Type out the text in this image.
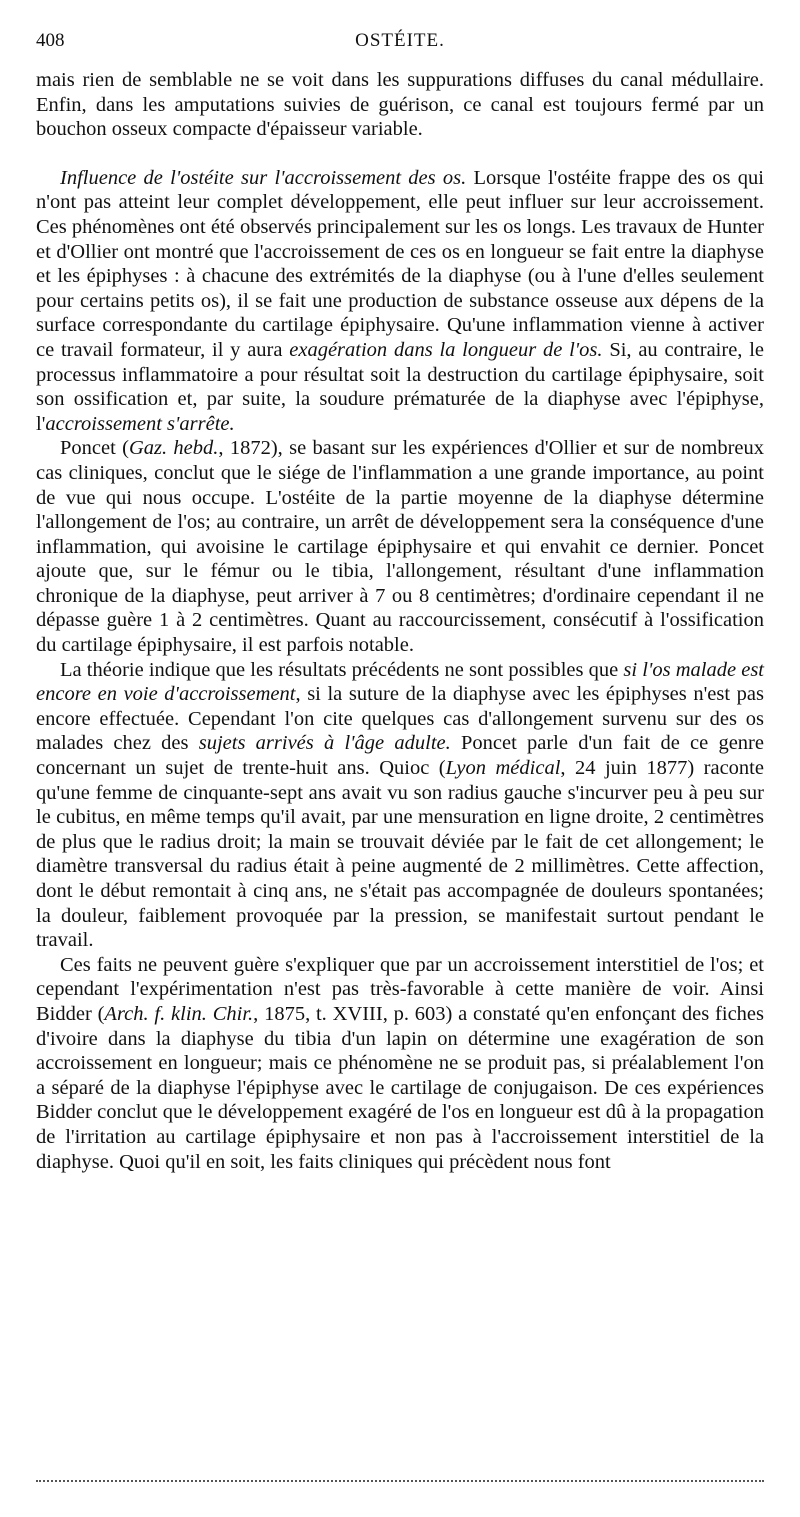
408	OSTÉITE.

mais rien de semblable ne se voit dans les suppurations diffuses du canal médullaire. Enfin, dans les amputations suivies de guérison, ce canal est toujours fermé par un bouchon osseux compacte d'épaisseur variable.

Influence de l'ostéite sur l'accroissement des os. Lorsque l'ostéite frappe des os qui n'ont pas atteint leur complet développement, elle peut influer sur leur accroissement. Ces phénomènes ont été observés principalement sur les os longs. Les travaux de Hunter et d'Ollier ont montré que l'accroissement de ces os en longueur se fait entre la diaphyse et les épiphyses : à chacune des extrémités de la diaphyse (ou à l'une d'elles seulement pour certains petits os), il se fait une production de substance osseuse aux dépens de la surface correspondante du cartilage épiphysaire. Qu'une inflammation vienne à activer ce travail formateur, il y aura exagération dans la longueur de l'os. Si, au contraire, le processus inflammatoire a pour résultat soit la destruction du cartilage épiphysaire, soit son ossification et, par suite, la soudure prématurée de la diaphyse avec l'épiphyse, l'accroissement s'arrête.

Poncet (Gaz. hebd., 1872), se basant sur les expériences d'Ollier et sur de nombreux cas cliniques, conclut que le siége de l'inflammation a une grande importance, au point de vue qui nous occupe. L'ostéite de la partie moyenne de la diaphyse détermine l'allongement de l'os; au contraire, un arrêt de développement sera la conséquence d'une inflammation, qui avoisine le cartilage épiphysaire et qui envahit ce dernier. Poncet ajoute que, sur le fémur ou le tibia, l'allongement, résultant d'une inflammation chronique de la diaphyse, peut arriver à 7 ou 8 centimètres; d'ordinaire cependant il ne dépasse guère 1 à 2 centimètres. Quant au raccourcissement, consécutif à l'ossification du cartilage épiphysaire, il est parfois notable.

La théorie indique que les résultats précédents ne sont possibles que si l'os malade est encore en voie d'accroissement, si la suture de la diaphyse avec les épiphyses n'est pas encore effectuée. Cependant l'on cite quelques cas d'allongement survenu sur des os malades chez des sujets arrivés à l'âge adulte. Poncet parle d'un fait de ce genre concernant un sujet de trente-huit ans. Quioc (Lyon médical, 24 juin 1877) raconte qu'une femme de cinquante-sept ans avait vu son radius gauche s'incurver peu à peu sur le cubitus, en même temps qu'il avait, par une mensuration en ligne droite, 2 centimètres de plus que le radius droit; la main se trouvait déviée par le fait de cet allongement; le diamètre transversal du radius était à peine augmenté de 2 millimètres. Cette affection, dont le début remontait à cinq ans, ne s'était pas accompagnée de douleurs spontanées; la douleur, faiblement provoquée par la pression, se manifestait surtout pendant le travail.

Ces faits ne peuvent guère s'expliquer que par un accroissement interstitiel de l'os; et cependant l'expérimentation n'est pas très-favorable à cette manière de voir. Ainsi Bidder (Arch. f. klin. Chir., 1875, t. XVIII, p. 603) a constaté qu'en enfonçant des fiches d'ivoire dans la diaphyse du tibia d'un lapin on détermine une exagération de son accroissement en longueur; mais ce phénomène ne se produit pas, si préalablement l'on a séparé de la diaphyse l'épiphyse avec le cartilage de conjugaison. De ces expériences Bidder conclut que le développement exagéré de l'os en longueur est dû à la propagation de l'irritation au cartilage épiphysaire et non pas à l'accroissement interstitiel de la diaphyse. Quoi qu'il en soit, les faits cliniques qui précèdent nous font
